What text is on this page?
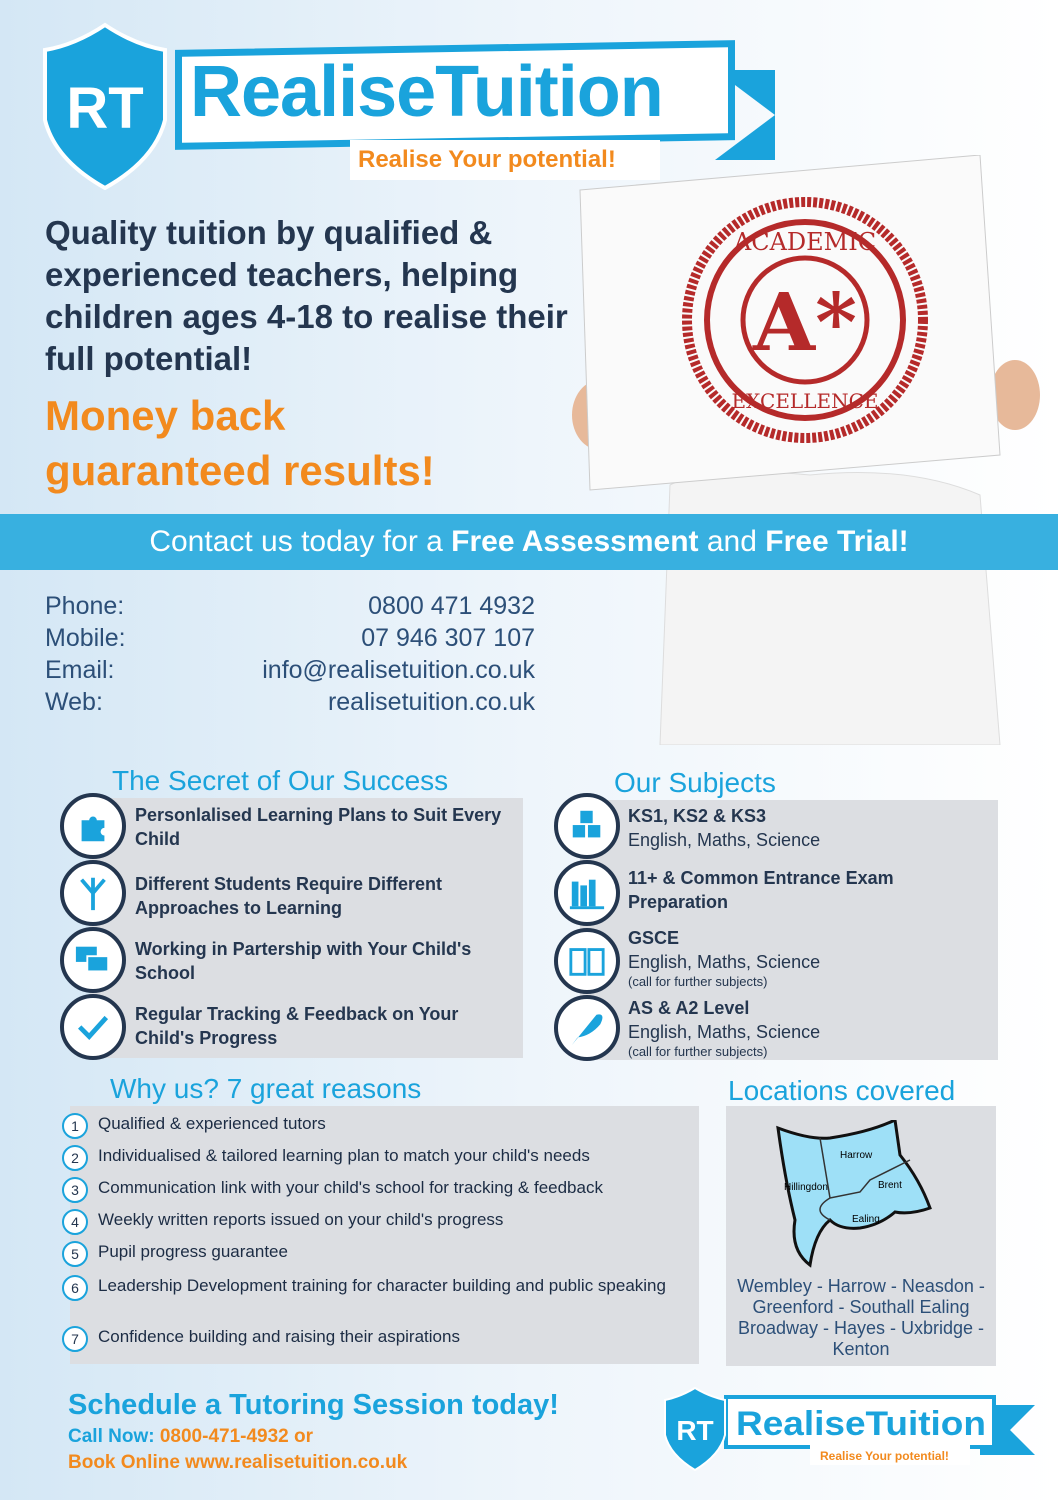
RealiseTuition
Realise Your potential!
RT
Quality tuition by qualified & experienced teachers, helping children ages 4-18 to realise their full potential!
Money back
guaranteed results!
ACADEMIC
EXCELLENCE
A*
Contact us today for a Free Assessment and Free Trial!
Phone:	0800 471 4932
Mobile:	07 946 307 107
Email:	info@realisetuition.co.uk
Web:	realisetuition.co.uk
The Secret of Our Success
Personlalised Learning Plans to Suit Every Child
Different Students Require Different Approaches to Learning
Working in Partership with Your Child's School
Regular Tracking & Feedback on Your Child's Progress
Our Subjects
KS1, KS2 & KS3
English, Maths, Science
11+ & Common Entrance Exam Preparation
GSCE
English, Maths, Science
(call for further subjects)
AS & A2 Level
English, Maths, Science
(call for further subjects)
Why us? 7 great reasons
1	Qualified & experienced tutors
2	Individualised & tailored learning plan to match your child's needs
3	Communication link with your child's school for tracking & feedback
4	Weekly written reports issued on your child's progress
5	Pupil progress guarantee
6	Leadership Development training for character building and public speaking
7	Confidence building and raising their aspirations
Locations covered
Harrow
Hillingdon	Brent
Ealing
Wembley - Harrow - Neasdon - Greenford - Southall Ealing Broadway - Hayes - Uxbridge - Kenton
Schedule a Tutoring Session today!
Call Now: 0800-471-4932 or
Book Online www.realisetuition.co.uk
RT RealiseTuition
Realise Your potential!
